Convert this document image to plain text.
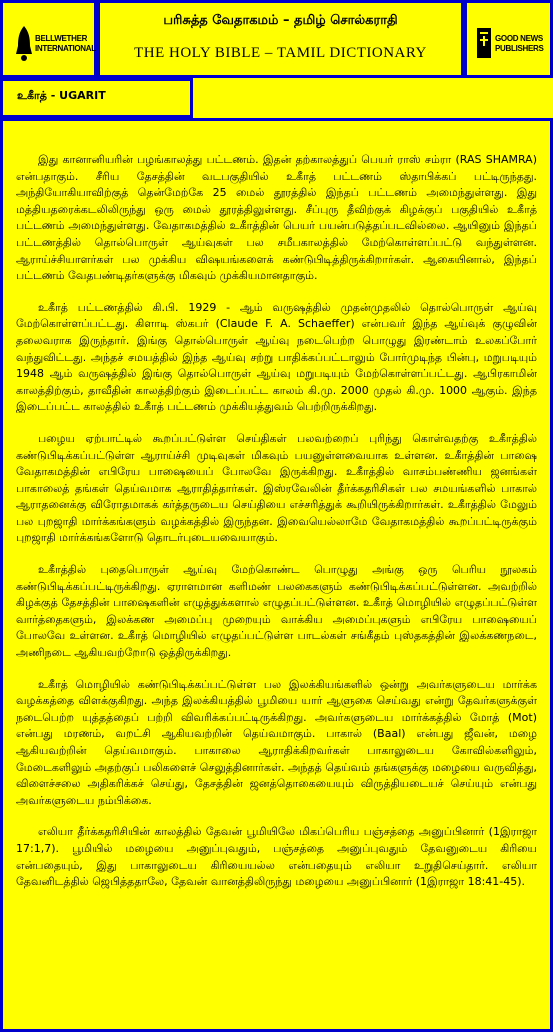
BELLWETHER INTERNATIONAL
பரிசுத்த வேதாகமம் – தமிழ் சொல்கராதி
THE HOLY BIBLE – TAMIL DICTIONARY
GOOD NEWS PUBLISHERS
உகாீத் - UGARIT

இது கானானியரின் பழங்காலத்து பட்டணம். இதன் தற்காலத்துப் பெயர் ராஸ் சம்ரா (RAS SHAMRA) என்பதாகும். சீரிய தேசத்தின் வடபகுதியில் உகாீத் பட்டணம் ஸ்தாபிக்கப் பட்டிருந்தது. அந்தியோகியாவிற்குத் தென்மேற்கே 25 மைல் தூரத்தில் இந்தப் பட்டணம் அமைந்துள்ளது. இது மத்தியதரைக்கடலிலிருந்து ஒரு மைல் தூரத்திலுள்ளது. சீப்புரு தீவிற்குக் கிழக்குப் பகுதியில் உகாீத் பட்டணம் அமைந்துள்ளது. வேதாகமத்தில் உகாீத்தின் பெயர் பயன்படுத்தப்படவில்லை. ஆயினும் இந்தப் பட்டணத்தில் தொல்பொருள் ஆய்வுகள் பல சமீபகாலத்தில் மேற்கொள்ளப்பட்டு வந்துள்ளன. ஆராய்ச்சியாளர்கள் பல முக்கிய விஷயங்களைக் கண்டுபிடித்திருக்கிறார்கள். ஆகையினால், இந்தப் பட்டணம் வேதபண்டிதர்களுக்கு மிகவும் முக்கியமானதாகும்.

உகாீத் பட்டணத்தில் கி.பி. 1929 - ஆம் வருஷத்தில் முதன்முதலில் தொல்பொருள் ஆய்வு மேற்கொள்ளப்பட்டது. கிளாடி ஸ்கபர் (Claude F. A. Schaeffer) என்பவர் இந்த ஆய்வுக் குழுவின் தலைவராக இருந்தார். இங்கு தொல்பொருள் ஆய்வு நடைபெற்ற பொழுது இரண்டாம் உலகப்போர் வந்துவிட்டது. அந்தச் சமயத்தில் இந்த ஆய்வு சற்று பாதிக்கப்பட்டாலும் போர்முடிந்த பின்பு, மறுபடியும் 1948 ஆம் வருஷத்தில் இங்கு தொல்பொருள் ஆய்வு மறுபடியும் மேற்கொள்ளப்பட்டது. ஆபிரகாமின் காலத்திற்கும், தாவீதின் காலத்திற்கும் இடைப்பட்ட காலம் கி.மு. 2000 முதல் கி.மு. 1000 ஆகும். இந்த இடைப்பட்ட காலத்தில் உகாீத் பட்டணம் முக்கியத்துவம் பெற்றிருக்கிறது.

பழைய ஏற்பாட்டில் கூறப்பட்டுள்ள செய்திகள் பலவற்றைப் புரிந்து கொள்வதற்கு உகாீத்தில் கண்டுபிடிக்கப்பட்டுள்ள ஆராய்ச்சி முடிவுகள் மிகவும் பயனுள்ளவையாக உள்ளன. உகாீத்தின் பாஷை வேதாகமத்தின் எபிரேய பாஷையைப் போலவே இருக்கிறது. உகாீத்தில் வாசம்பண்ணிய ஜனங்கள் பாகாலைத் தங்கள் தெய்வமாக ஆராதித்தார்கள். இஸ்ரவேலின் தீர்க்கதரிசிகள் பல சமயங்களில் பாகால் ஆராதனைக்கு விரோதமாகக் கர்த்தருடைய செய்தியை எச்சரித்துக் கூறியிருக்கிறார்கள். உகாீத்தில் மேலும் பல புறஜாதி மார்க்கங்களும் வழக்கத்தில் இருந்தன. இவையெல்லாமே வேதாகமத்தில் கூறப்பட்டிருக்கும் புறஜாதி மார்க்கங்களோடு தொடர்புடையவையாகும்.

உகாீத்தில் புதைபொருள் ஆய்வு மேற்கொண்ட பொழுது அங்கு ஒரு பெரிய நூலகம் கண்டுபிடிக்கப்பட்டிருக்கிறது. ஏராளமான களிமண் பலகைகளும் கண்டுபிடிக்கப்பட்டுள்ளன. அவற்றில் கிழக்குத் தேசத்தின் பாஷைகளின் எழுத்துக்களால் எழுதப்பட்டுள்ளன. உகாீத் மொழியில் எழுதப்பட்டுள்ள வார்த்தைகளும், இலக்கண அமைப்பு முறையும் வாக்கிய அமைப்புகளும் எபிரேய பாஷையைப் போலவே உள்ளன. உகாீத் மொழியில் எழுதப்பட்டுள்ள பாடல்கள் சங்கீதம் புஸ்தகத்தின் இலக்கணநடை, அணிநடை ஆகியவற்றோடு ஒத்திருக்கிறது.

உகாீத் மொழியில் கண்டுபிடிக்கப்பட்டுள்ள பல இலக்கியங்களில் ஒன்று அவர்களுடைய மார்க்க வழக்கத்தை விளக்குகிறது. அந்த இலக்கியத்தில் பூமியை யார் ஆளுகை செய்வது என்று தேவர்களுக்குள் நடைபெற்ற யுத்தத்தைப் பற்றி விவரிக்கப்பட்டிருக்கிறது. அவர்களுடைய மார்க்கத்தில் மோத் (Mot) என்பது மரணம், வறட்சி ஆகியவற்றின் தெய்வமாகும். பாகால் (Baal) என்பது ஜீவன், மழை ஆகியவற்றின் தெய்வமாகும். பாகாலை ஆராதிக்கிறவர்கள் பாகாலுடைய கோவில்களிலும், மேடைகளிலும் அதற்குப் பலிகளைச் செலுத்தினார்கள். அந்தத் தெய்வம் தங்களுக்கு மழையை வருவித்து, விளைச்சலை அதிகரிக்கச் செய்து, தேசத்தின் ஜனத்தொகையையும் விருத்தியடையச் செய்யும் என்பது அவர்களுடைய நம்பிக்கை.

எலியா தீர்க்கதரிசியின் காலத்தில் தேவன் பூமியிலே மிகப்பெரிய பஞ்சத்தை அனுப்பினார் (1இராஜா 17:1,7). பூமியில் மழையை அனுப்புவதும், பஞ்சத்தை அனுப்புவதும் தேவனுடைய கிரியை என்பதையும், இது பாகாலுடைய கிரியையல்ல என்பதையும் எலியா உறுதிசெய்தார். எலியா தேவனிடத்தில் ஜெபித்ததாலே, தேவன் வானத்திலிருந்து மழையை அனுப்பினார் (1இராஜா 18:41-45).
